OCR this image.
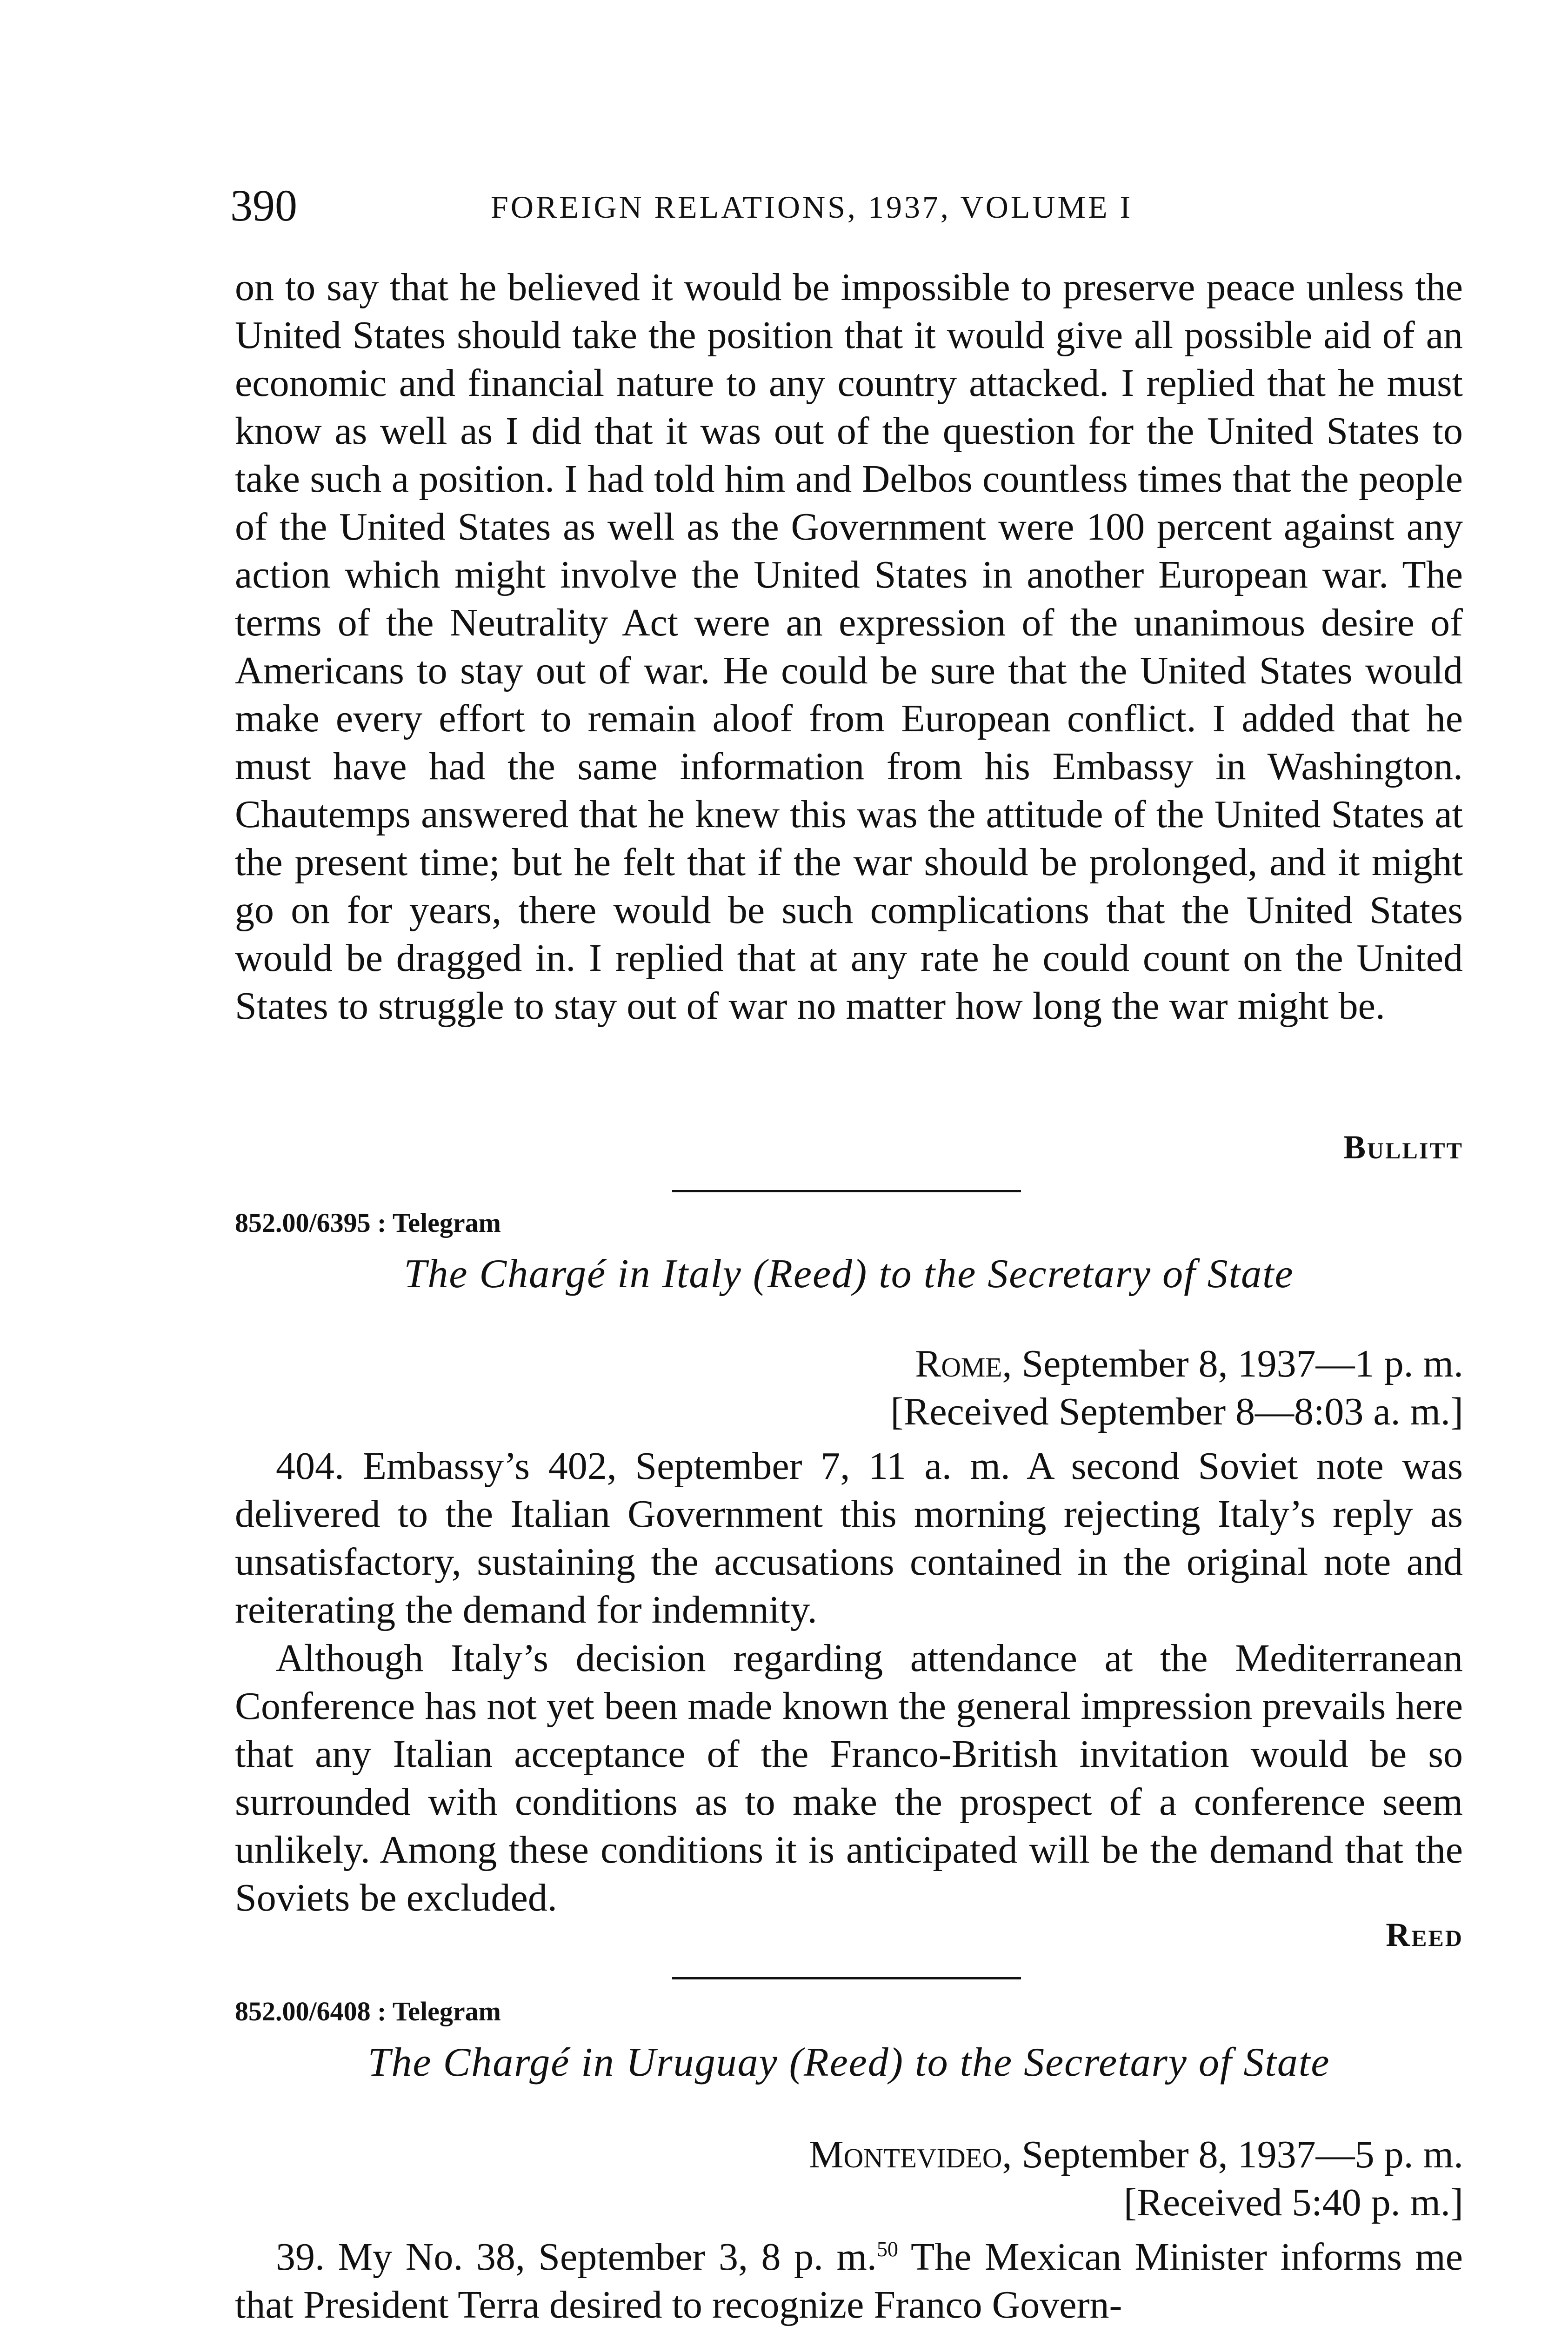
390	FOREIGN RELATIONS, 1937, VOLUME I

on to say that he believed it would be impossible to preserve peace unless the United States should take the position that it would give all possible aid of an economic and financial nature to any country attacked. I replied that he must know as well as I did that it was out of the question for the United States to take such a position. I had told him and Delbos countless times that the people of the United States as well as the Government were 100 percent against any action which might involve the United States in another European war. The terms of the Neutrality Act were an expression of the unanimous desire of Americans to stay out of war. He could be sure that the United States would make every effort to remain aloof from European conflict. I added that he must have had the same information from his Embassy in Washington. Chautemps answered that he knew this was the attitude of the United States at the present time; but he felt that if the war should be prolonged, and it might go on for years, there would be such complications that the United States would be dragged in. I replied that at any rate he could count on the United States to struggle to stay out of war no matter how long the war might be.

Bullitt
852.00/6395 : Telegram
The Chargé in Italy (Reed) to the Secretary of State
Rome, September 8, 1937—1 p. m.
[Received September 8—8:03 a. m.]

404. Embassy’s 402, September 7, 11 a. m. A second Soviet note was delivered to the Italian Government this morning rejecting Italy’s reply as unsatisfactory, sustaining the accusations contained in the original note and reiterating the demand for indemnity.

Although Italy’s decision regarding attendance at the Mediterranean Conference has not yet been made known the general impression prevails here that any Italian acceptance of the Franco-British invitation would be so surrounded with conditions as to make the prospect of a conference seem unlikely. Among these conditions it is anticipated will be the demand that the Soviets be excluded.

Reed
852.00/6408 : Telegram
The Chargé in Uruguay (Reed) to the Secretary of State
Montevideo, September 8, 1937—5 p. m.
[Received 5:40 p. m.]

39. My No. 38, September 3, 8 p. m.$^{50}$ The Mexican Minister informs me that President Terra desired to recognize Franco Govern-
